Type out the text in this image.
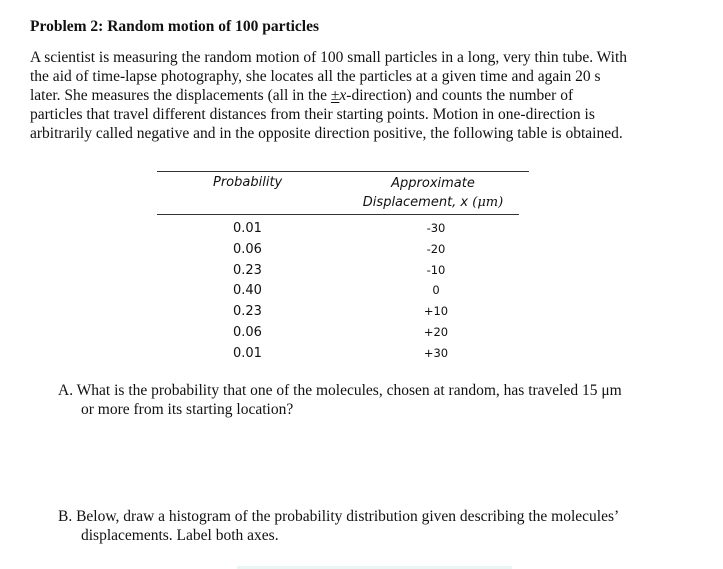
Problem 2: Random motion of 100 particles
A scientist is measuring the random motion of 100 small particles in a long, very thin tube. With
the aid of time-lapse photography, she locates all the particles at a given time and again 20 s
later. She measures the displacements (all in the ±x-direction) and counts the number of
particles that travel different distances from their starting points. Motion in one-direction is
arbitrarily called negative and in the opposite direction positive, the following table is obtained.
Probability	Approximate
Displacement, x (μm)
0.01
0.06
0.23
0.40
0.23
0.06
0.01
-30
-20
-10
0
+10
+20
+30
A. What is the probability that one of the molecules, chosen at random, has traveled 15 μm
or more from its starting location?
B. Below, draw a histogram of the probability distribution given describing the molecules’
displacements. Label both axes.
